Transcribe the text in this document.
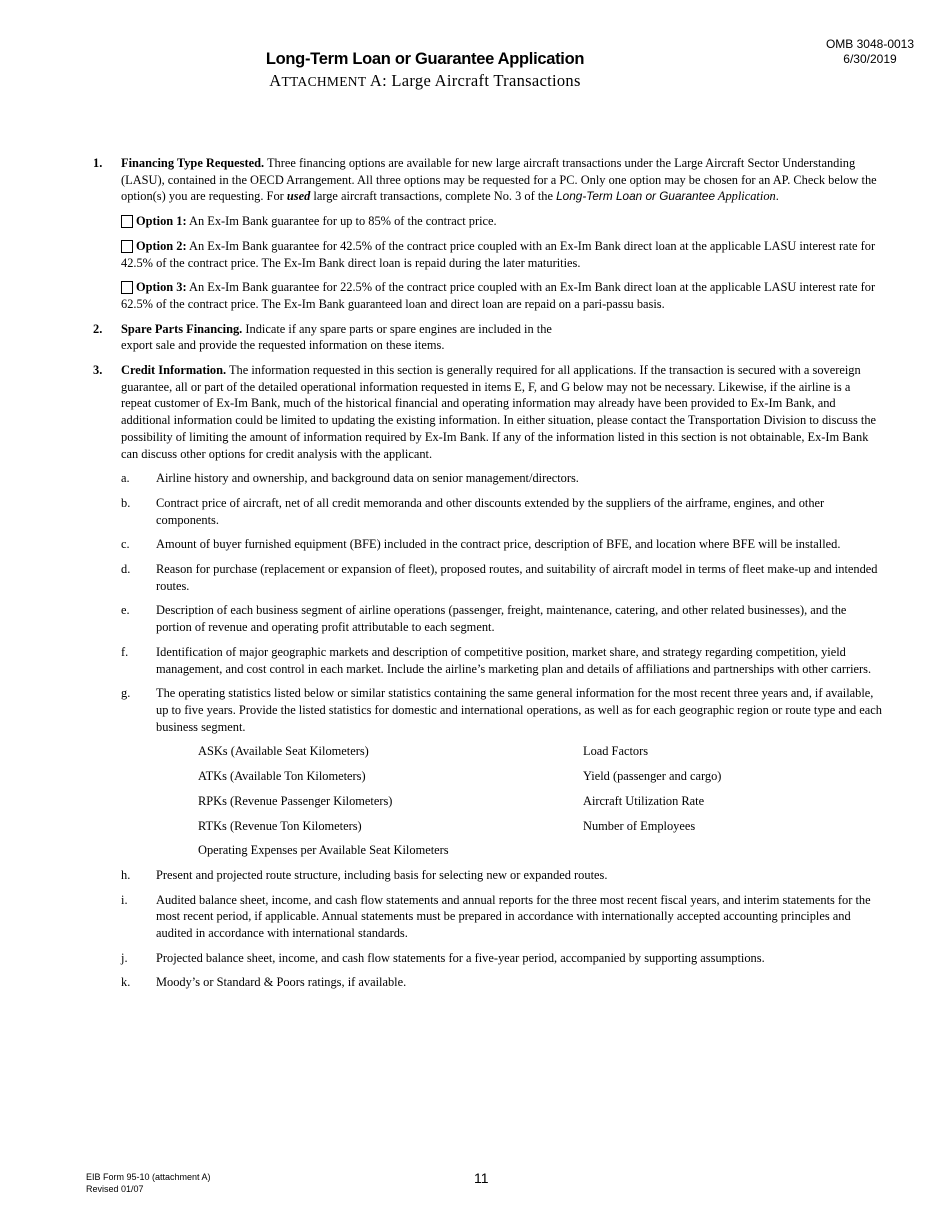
OMB 3048-0013
6/30/2019
Long-Term Loan or Guarantee Application
ATTACHMENT A: Large Aircraft Transactions
1. Financing Type Requested. Three financing options are available for new large aircraft transactions under the Large Aircraft Sector Understanding (LASU), contained in the OECD Arrangement. All three options may be requested for a PC. Only one option may be chosen for an AP. Check below the option(s) you are requesting. For used large aircraft transactions, complete No. 3 of the Long-Term Loan or Guarantee Application.
Option 1: An Ex-Im Bank guarantee for up to 85% of the contract price.
Option 2: An Ex-Im Bank guarantee for 42.5% of the contract price coupled with an Ex-Im Bank direct loan at the applicable LASU interest rate for 42.5% of the contract price. The Ex-Im Bank direct loan is repaid during the later maturities.
Option 3: An Ex-Im Bank guarantee for 22.5% of the contract price coupled with an Ex-Im Bank direct loan at the applicable LASU interest rate for 62.5% of the contract price. The Ex-Im Bank guaranteed loan and direct loan are repaid on a pari-passu basis.
2. Spare Parts Financing. Indicate if any spare parts or spare engines are included in the export sale and provide the requested information on these items.
3. Credit Information. The information requested in this section is generally required for all applications. If the transaction is secured with a sovereign guarantee, all or part of the detailed operational information requested in items E, F, and G below may not be necessary. Likewise, if the airline is a repeat customer of Ex-Im Bank, much of the historical financial and operating information may already have been provided to Ex-Im Bank, and additional information could be limited to updating the existing information. In either situation, please contact the Transportation Division to discuss the possibility of limiting the amount of information required by Ex-Im Bank. If any of the information listed in this section is not obtainable, Ex-Im Bank can discuss other options for credit analysis with the applicant.
a. Airline history and ownership, and background data on senior management/directors.
b. Contract price of aircraft, net of all credit memoranda and other discounts extended by the suppliers of the airframe, engines, and other components.
c. Amount of buyer furnished equipment (BFE) included in the contract price, description of BFE, and location where BFE will be installed.
d. Reason for purchase (replacement or expansion of fleet), proposed routes, and suitability of aircraft model in terms of fleet make-up and intended routes.
e. Description of each business segment of airline operations (passenger, freight, maintenance, catering, and other related businesses), and the portion of revenue and operating profit attributable to each segment.
f. Identification of major geographic markets and description of competitive position, market share, and strategy regarding competition, yield management, and cost control in each market. Include the airline’s marketing plan and details of affiliations and partnerships with other carriers.
g. The operating statistics listed below or similar statistics containing the same general information for the most recent three years and, if available, up to five years. Provide the listed statistics for domestic and international operations, as well as for each geographic region or route type and each business segment.
ASKs (Available Seat Kilometers)	Load Factors
ATKs (Available Ton Kilometers)	Yield (passenger and cargo)
RPKs (Revenue Passenger Kilometers)	Aircraft Utilization Rate
RTKs (Revenue Ton Kilometers)	Number of Employees
Operating Expenses per Available Seat Kilometers
h. Present and projected route structure, including basis for selecting new or expanded routes.
i. Audited balance sheet, income, and cash flow statements and annual reports for the three most recent fiscal years, and interim statements for the most recent period, if applicable. Annual statements must be prepared in accordance with internationally accepted accounting principles and audited in accordance with international standards.
j. Projected balance sheet, income, and cash flow statements for a five-year period, accompanied by supporting assumptions.
k. Moody’s or Standard & Poors ratings, if available.
EIB Form 95-10 (attachment A)
Revised 01/07
11
